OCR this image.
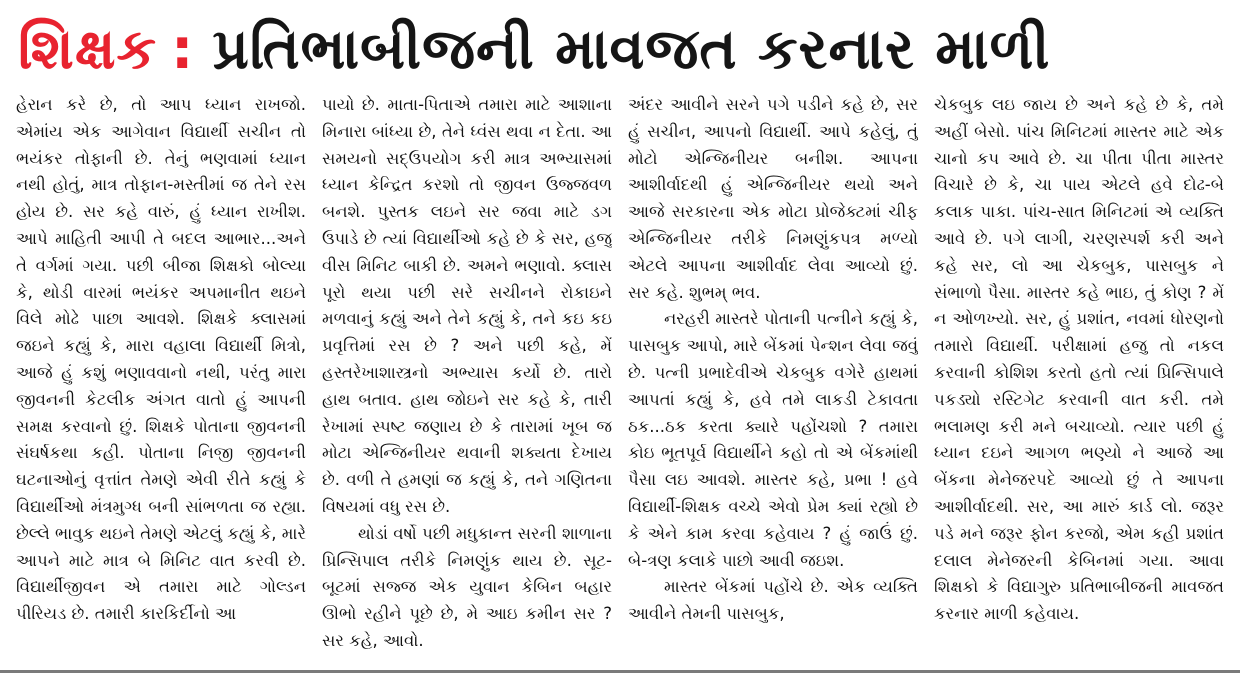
શિક્ષક : પ્રતિભાબીજની માવજત કરનાર માળી

હેરાન કરે છે, તો આપ ધ્યાન રાખજો. એમાંય એક આગેવાન વિદ્યાર્થી સચીન તો ભયંકર તોફાની છે. તેનું ભણવામાં ધ્યાન નથી હોતું, માત્ર તોફાન-મસ્તીમાં જ તેને રસ હોય છે. સર કહે વારું, હું ધ્યાન રાખીશ. આપે માહિતી આપી તે બદલ આભાર...અને તે વર્ગમાં ગયા. પછી બીજા શિક્ષકો બોલ્યા કે, થોડી વારમાં ભયંકર અપમાનીત થઇને વિલે મોઢે પાછા આવશે. શિક્ષકે ક્લાસમાં જઇને કહ્યું કે, મારા વહાલા વિદ્યાર્થી મિત્રો, આજે હું કશું ભણાવવાનો નથી, પરંતુ મારા જીવનની કેટલીક અંગત વાતો હું આપની સમક્ષ કરવાનો છું. શિક્ષકે પોતાના જીવનની સંઘર્ષકથા કહી. પોતાના નિજી જીવનની ઘટનાઓનું વૃત્તાંત તેમણે એવી રીતે કહ્યું કે વિદ્યાર્થીઓ મંત્રમુગ્ધ બની સાંભળતા જ રહ્યા. છેલ્લે ભાવુક થઇને તેમણે એટલું કહ્યું કે, મારે આપને માટે માત્ર બે મિનિટ વાત કરવી છે. વિદ્યાર્થીજીવન એ તમારા માટે ગોલ્ડન પીરિયડ છે. તમારી કારકિર્દીનો આ

પાયો છે. માતા-પિતાએ તમારા માટે આશાના મિનારા બાંધ્યા છે, તેને ધ્વંસ થવા ન દેતા. આ સમયનો સદ્ઉપયોગ કરી માત્ર અભ્યાસમાં ધ્યાન કેન્દ્રિત કરશો તો જીવન ઉજ્જવળ બનશે. પુસ્તક લઇને સર જવા માટે ડગ ઉપાડે છે ત્યાં વિદ્યાર્થીઓ કહે છે કે સર, હજુ વીસ મિનિટ બાકી છે. અમને ભણાવો. ક્લાસ પૂરો થયા પછી સરે સચીનને રોકાઇને મળવાનું કહ્યું અને તેને કહ્યું કે, તને કઇ કઇ પ્રવૃત્તિમાં રસ છે ? અને પછી કહે, મેં હસ્તરેખાશાસ્ત્રનો અભ્યાસ કર્યો છે. તારો હાથ બતાવ. હાથ જોઇને સર કહે કે, તારી રેખામાં સ્પષ્ટ જણાય છે કે તારામાં ખૂબ જ મોટા એન્જિનીયર થવાની શક્યતા દેખાય છે. વળી તે હમણાં જ કહ્યું કે, તને ગણિતના વિષયમાં વધુ રસ છે.

થોડાં વર્ષો પછી મધુકાન્ત સરની શાળાના પ્રિન્સિપાલ તરીકે નિમણુંક થાય છે. સૂટ-બૂટમાં સજ્જ એક યુવાન કેબિન બહાર ઊભો રહીને પૂછે છે, મે આઇ કમીન સર ? સર કહે, આવો.

અંદર આવીને સરને પગે પડીને કહે છે, સર હું સચીન, આપનો વિદ્યાર્થી. આપે કહેલું, તું મોટો એન્જિનીયર બનીશ. આપના આશીર્વાદથી હું એન્જિનીયર થયો અને આજે સરકારના એક મોટા પ્રોજેક્ટમાં ચીફ એન્જિનીયર તરીકે નિમણુંકપત્ર મળ્યો એટલે આપના આશીર્વાદ લેવા આવ્યો છું. સર કહે. શુભમ્ ભવ.

નરહરી માસ્તરે પોતાની પત્નીને કહ્યું કે, પાસબુક આપો, મારે બેંકમાં પેન્શન લેવા જવું છે. પત્ની પ્રભાદેવીએ ચેકબુક વગેરે હાથમાં આપતાં કહ્યું કે, હવે તમે લાકડી ટેકાવતા ઠક...ઠક કરતા ક્યારે પહોંચશો ? તમારા કોઇ ભૂતપૂર્વ વિદ્યાર્થીને કહો તો એ બેંકમાંથી પૈસા લઇ આવશે. માસ્તર કહે, પ્રભા ! હવે વિદ્યાર્થી-શિક્ષક વચ્ચે એવો પ્રેમ ક્યાં રહ્યો છે કે એને કામ કરવા કહેવાય ? હું જાઉં છું. બે-ત્રણ કલાકે પાછો આવી જઇશ.

માસ્તર બેંકમાં પહોંચે છે. એક વ્યક્તિ આવીને તેમની પાસબુક,

ચેકબુક લઇ જાય છે અને કહે છે કે, તમે અહીં બેસો. પાંચ મિનિટમાં માસ્તર માટે એક ચાનો કપ આવે છે. ચા પીતા પીતા માસ્તર વિચારે છે કે, ચા પાય એટલે હવે દોઢ-બે કલાક પાકા. પાંચ-સાત મિનિટમાં એ વ્યક્તિ આવે છે. પગે લાગી, ચરણસ્પર્શ કરી અને કહે સર, લો આ ચેકબુક, પાસબુક ને સંભાળો પૈસા. માસ્તર કહે ભાઇ, તું કોણ ? મેં ન ઓળખ્યો. સર, હું પ્રશાંત, નવમાં ધોરણનો તમારો વિદ્યાર્થી. પરીક્ષામાં હજુ તો નકલ કરવાની કોશિશ કરતો હતો ત્યાં પ્રિન્સિપાલે પકડ્યો રસ્ટિગેટ કરવાની વાત કરી. તમે ભલામણ કરી મને બચાવ્યો. ત્યાર પછી હું ધ્યાન દઇને આગળ ભણ્યો ને આજે આ બેંકના મેનેજરપદે આવ્યો છું તે આપના આશીર્વાદથી. સર, આ મારું કાર્ડ લો. જરૂર પડે મને જરૂર ફોન કરજો, એમ કહી પ્રશાંત દલાલ મેનેજરની કેબિનમાં ગયા. આવા શિક્ષકો કે વિદ્યાગુરુ પ્રતિભાબીજની માવજત કરનાર માળી કહેવાય.
